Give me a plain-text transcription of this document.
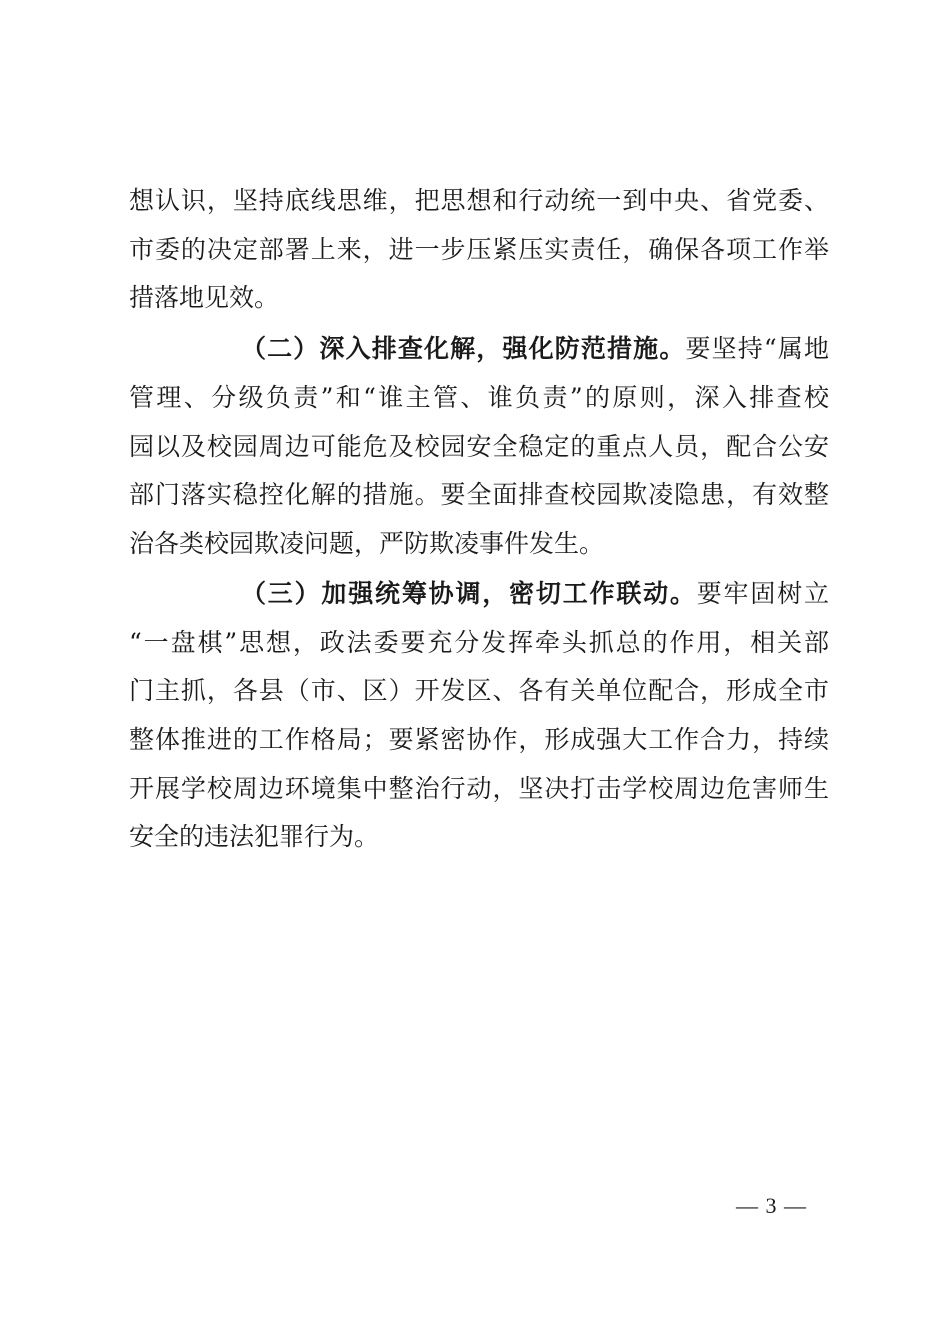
想认识，坚持底线思维，把思想和行动统一到中央、省党委、
市委的决定部署上来，进一步压紧压实责任，确保各项工作举
措落地见效。
（二）深入排查化解，强化防范措施。要坚持“属地
管理、分级负责”和“谁主管、谁负责”的原则，深入排查校
园以及校园周边可能危及校园安全稳定的重点人员，配合公安
部门落实稳控化解的措施。要全面排查校园欺凌隐患，有效整
治各类校园欺凌问题，严防欺凌事件发生。
（三）加强统筹协调，密切工作联动。要牢固树立
“一盘棋”思想，政法委要充分发挥牵头抓总的作用，相关部
门主抓，各县（市、区）开发区、各有关单位配合，形成全市
整体推进的工作格局；要紧密协作，形成强大工作合力，持续
开展学校周边环境集中整治行动，坚决打击学校周边危害师生
安全的违法犯罪行为。
— 3 —
